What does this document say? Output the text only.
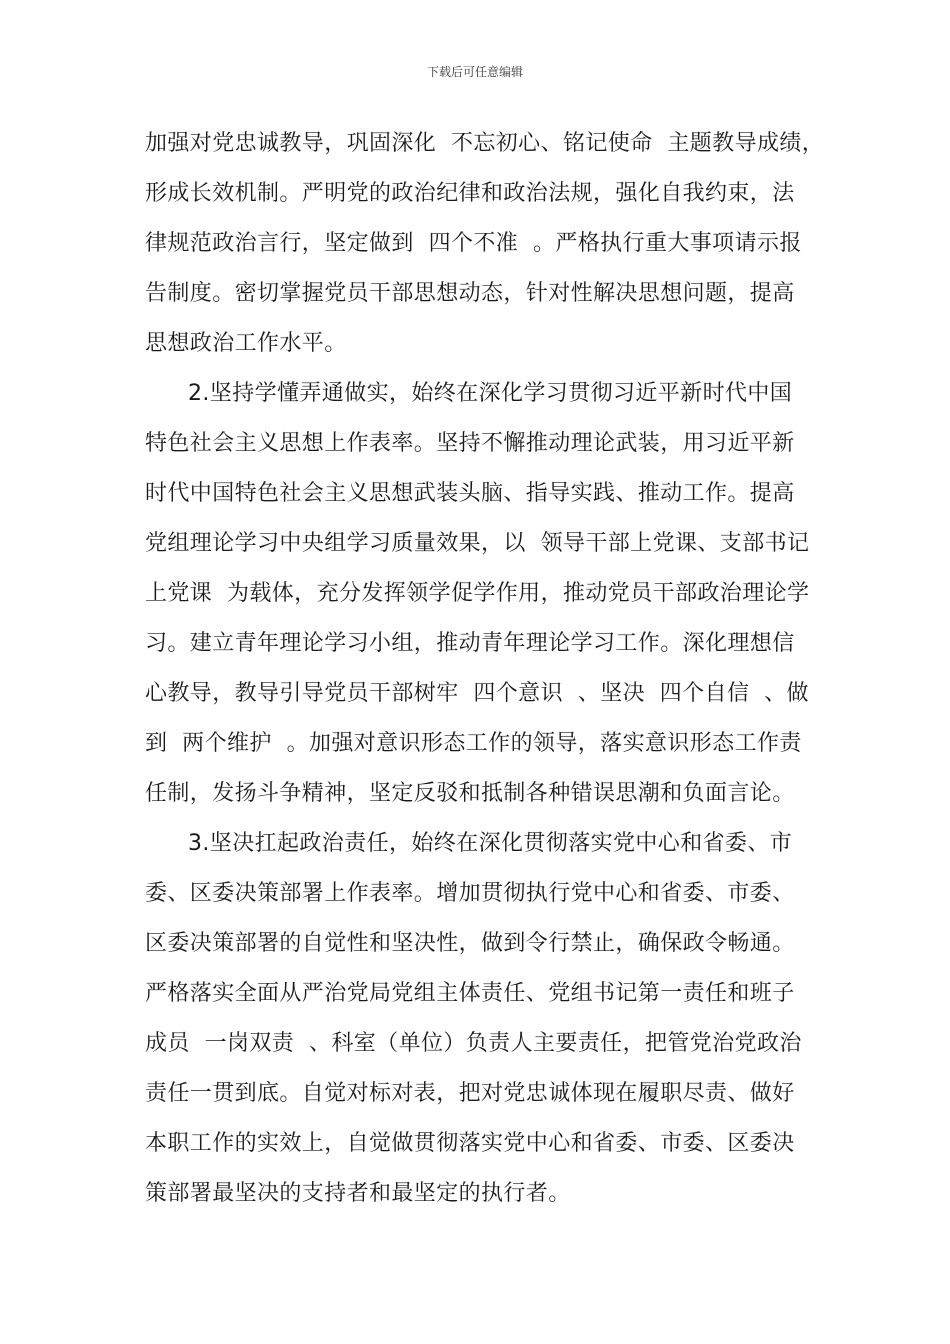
下载后可任意编辑
加强对党忠诚教导，巩固深化  不忘初心、铭记使命  主题教导成绩，
形成长效机制。严明党的政治纪律和政治法规，强化自我约束，法
律规范政治言行，坚定做到  四个不准  。严格执行重大事项请示报
告制度。密切掌握党员干部思想动态，针对性解决思想问题，提高
思想政治工作水平。
2.坚持学懂弄通做实，始终在深化学习贯彻习近平新时代中国
特色社会主义思想上作表率。坚持不懈推动理论武装，用习近平新
时代中国特色社会主义思想武装头脑、指导实践、推动工作。提高
党组理论学习中央组学习质量效果，以  领导干部上党课、支部书记
上党课  为载体，充分发挥领学促学作用，推动党员干部政治理论学
习。建立青年理论学习小组，推动青年理论学习工作。深化理想信
心教导，教导引导党员干部树牢  四个意识  、坚决  四个自信  、做
到  两个维护  。加强对意识形态工作的领导，落实意识形态工作责
任制，发扬斗争精神，坚定反驳和抵制各种错误思潮和负面言论。
3.坚决扛起政治责任，始终在深化贯彻落实党中心和省委、市
委、区委决策部署上作表率。增加贯彻执行党中心和省委、市委、
区委决策部署的自觉性和坚决性，做到令行禁止，确保政令畅通。
严格落实全面从严治党局党组主体责任、党组书记第一责任和班子
成员  一岗双责  、科室（单位）负责人主要责任，把管党治党政治
责任一贯到底。自觉对标对表，把对党忠诚体现在履职尽责、做好
本职工作的实效上，自觉做贯彻落实党中心和省委、市委、区委决
策部署最坚决的支持者和最坚定的执行者。
